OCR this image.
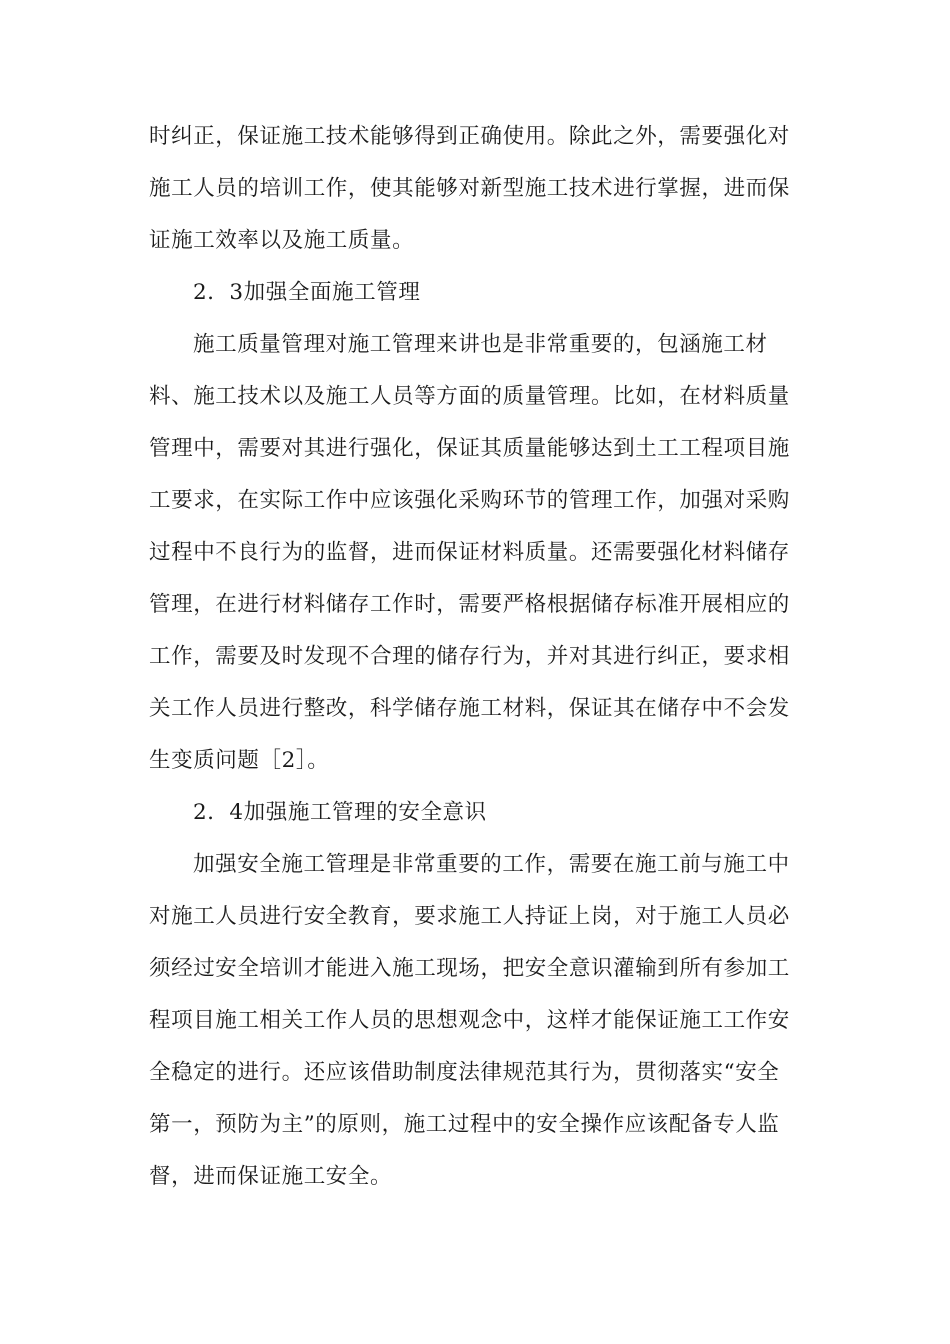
时纠正，保证施工技术能够得到正确使用。除此之外，需要强化对
施工人员的培训工作，使其能够对新型施工技术进行掌握，进而保
证施工效率以及施工质量。
2．3加强全面施工管理
施工质量管理对施工管理来讲也是非常重要的，包涵施工材
料、施工技术以及施工人员等方面的质量管理。比如，在材料质量
管理中，需要对其进行强化，保证其质量能够达到土工工程项目施
工要求，在实际工作中应该强化采购环节的管理工作，加强对采购
过程中不良行为的监督，进而保证材料质量。还需要强化材料储存
管理，在进行材料储存工作时，需要严格根据储存标准开展相应的
工作，需要及时发现不合理的储存行为，并对其进行纠正，要求相
关工作人员进行整改，科学储存施工材料，保证其在储存中不会发
生变质问题［2］。
2．4加强施工管理的安全意识
加强安全施工管理是非常重要的工作，需要在施工前与施工中
对施工人员进行安全教育，要求施工人持证上岗，对于施工人员必
须经过安全培训才能进入施工现场，把安全意识灌输到所有参加工
程项目施工相关工作人员的思想观念中，这样才能保证施工工作安
全稳定的进行。还应该借助制度法律规范其行为，贯彻落实“安全
第一，预防为主”的原则，施工过程中的安全操作应该配备专人监
督，进而保证施工安全。
